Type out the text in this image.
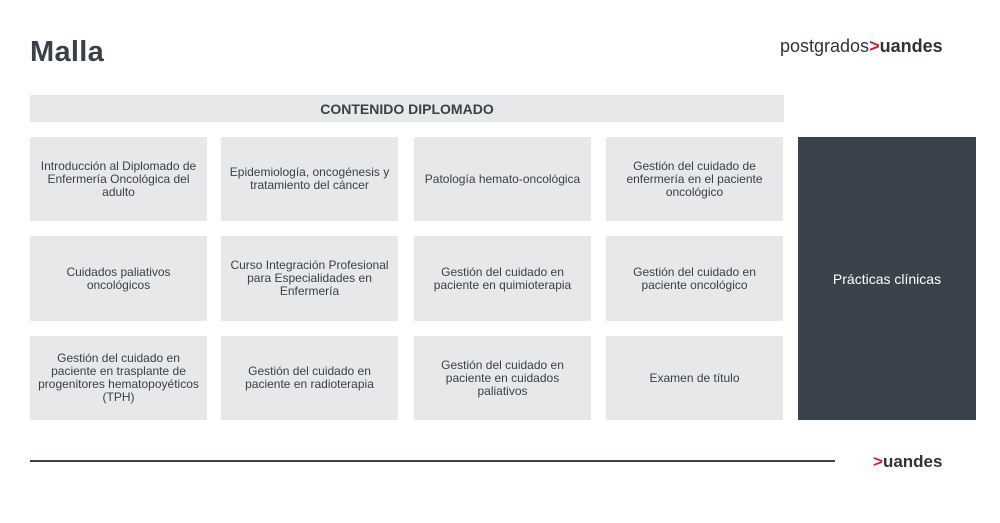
Malla	postgrados>uandes
CONTENIDO DIPLOMADO
Introducción al Diplomado de Enfermería Oncológica del adulto
Epidemiología, oncogénesis y tratamiento del cáncer	Patología hemato-oncológica
Gestión del cuidado de enfermería en el paciente oncológico
Cuidados paliativos oncológicos
Curso Integración Profesional para Especialidades en Enfermería
Gestión del cuidado en paciente en quimioterapia
Gestión del cuidado en paciente oncológico
Gestión del cuidado en paciente en trasplante de progenitores hematopoyéticos (TPH)
Gestión del cuidado en paciente en radioterapia
Gestión del cuidado en paciente en cuidados paliativos
Examen de título
Prácticas clínicas
>uandes
